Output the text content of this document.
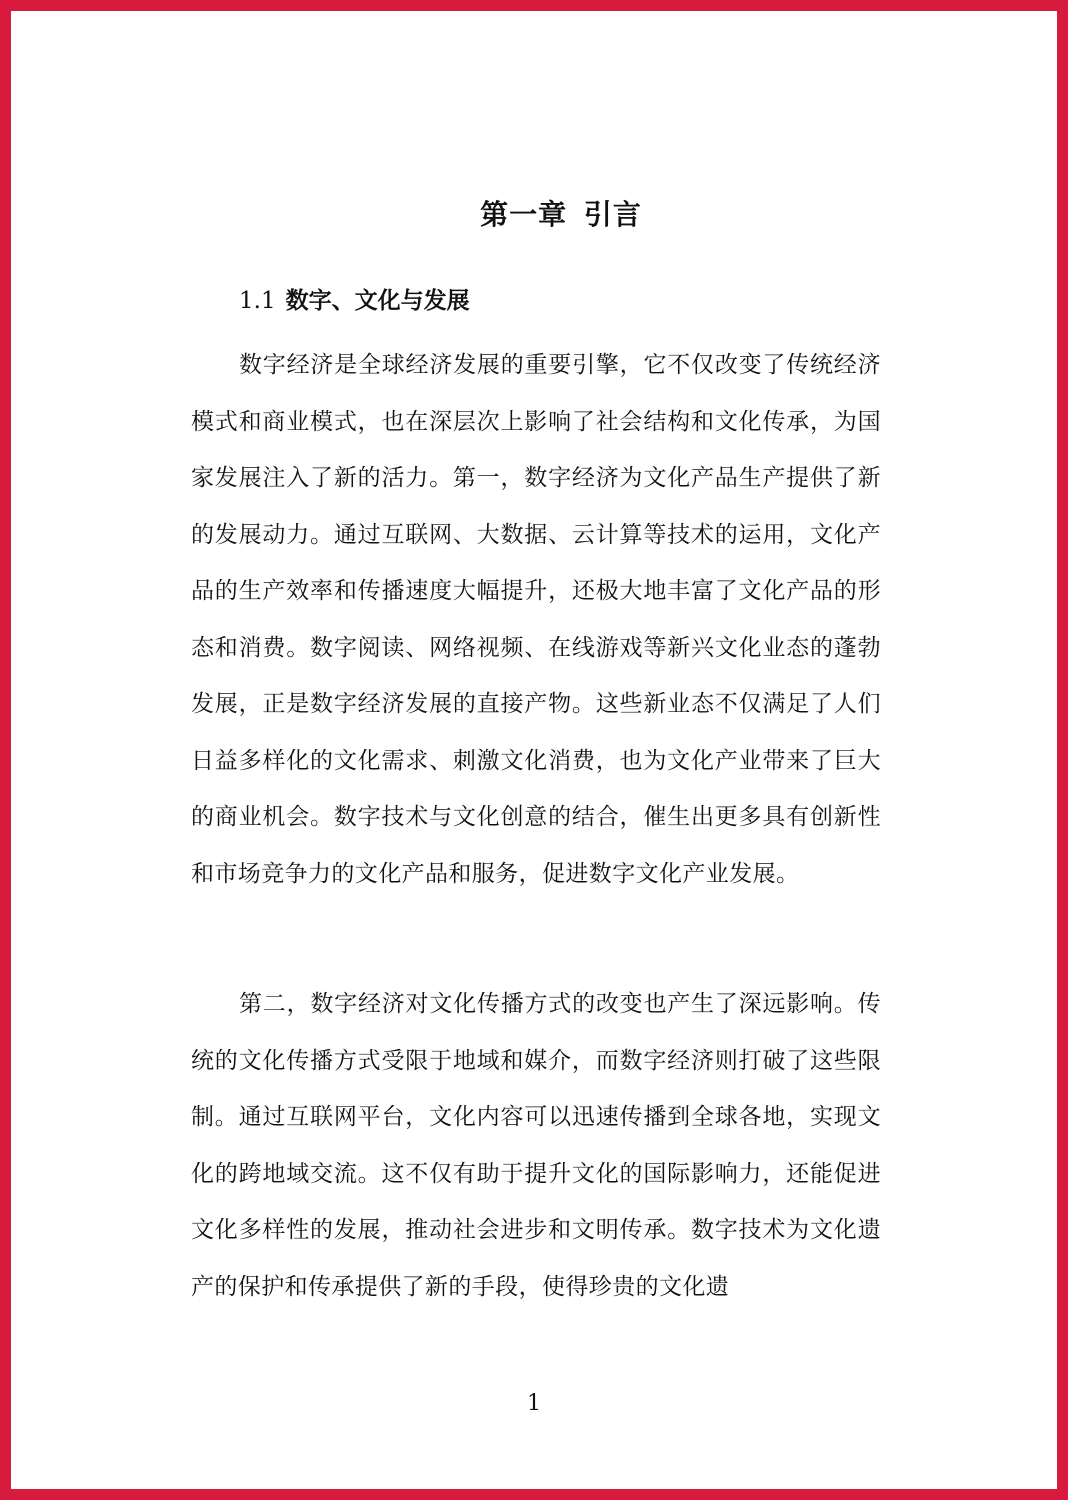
第一章 引言
1.1 数字、文化与发展

数字经济是全球经济发展的重要引擎，它不仅改变了传统经济模式和商业模式，也在深层次上影响了社会结构和文化传承，为国家发展注入了新的活力。第一，数字经济为文化产品生产提供了新的发展动力。通过互联网、大数据、云计算等技术的运用，文化产品的生产效率和传播速度大幅提升，还极大地丰富了文化产品的形态和消费。数字阅读、网络视频、在线游戏等新兴文化业态的蓬勃发展，正是数字经济发展的直接产物。这些新业态不仅满足了人们日益多样化的文化需求、刺激文化消费，也为文化产业带来了巨大的商业机会。数字技术与文化创意的结合，催生出更多具有创新性和市场竞争力的文化产品和服务，促进数字文化产业发展。

第二，数字经济对文化传播方式的改变也产生了深远影响。传统的文化传播方式受限于地域和媒介，而数字经济则打破了这些限制。通过互联网平台，文化内容可以迅速传播到全球各地，实现文化的跨地域交流。这不仅有助于提升文化的国际影响力，还能促进文化多样性的发展，推动社会进步和文明传承。数字技术为文化遗产的保护和传承提供了新的手段，使得珍贵的文化遗

1
